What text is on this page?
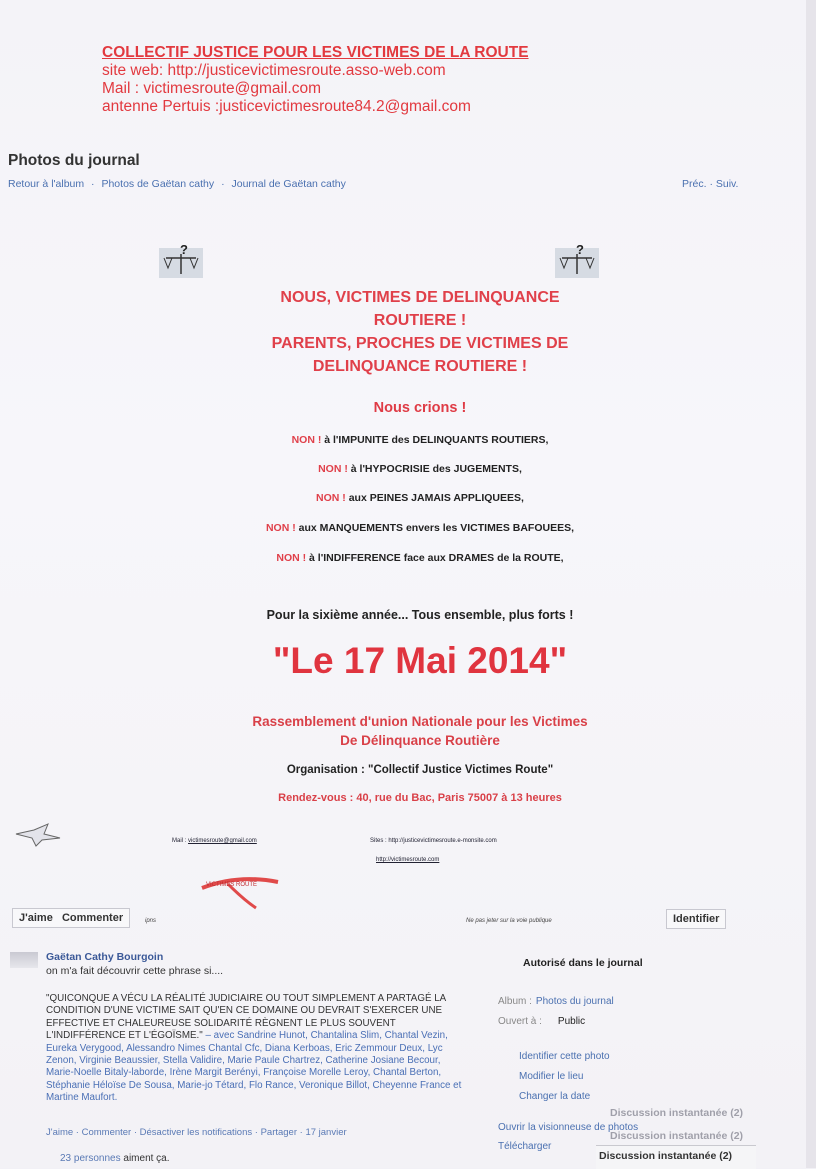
COLLECTIF JUSTICE POUR LES VICTIMES DE LA ROUTE
site web: http://justicevictimesroute.asso-web.com
Mail : victimesroute@gmail.com
antenne Pertuis :justicevictimesroute84.2@gmail.com
Photos du journal
Retour à l'album · Photos de Gaëtan cathy · Journal de Gaëtan cathy	Préc. · Suiv.
?	?
NOUS, VICTIMES DE DELINQUANCE
ROUTIERE !
PARENTS, PROCHES DE VICTIMES DE
DELINQUANCE ROUTIERE !
Nous crions !
NON ! à l'IMPUNITE des DELINQUANTS ROUTIERS,
NON ! à l'HYPOCRISIE des JUGEMENTS,
NON ! aux PEINES JAMAIS APPLIQUEES,
NON ! aux MANQUEMENTS envers les VICTIMES BAFOUEES,
NON ! à l'INDIFFERENCE face aux DRAMES de la ROUTE,
Pour la sixième année... Tous ensemble, plus forts !
"Le 17 Mai 2014"
Rassemblement d'union Nationale pour les Victimes
De Délinquance Routière
Organisation : "Collectif Justice Victimes Route"
Rendez-vous : 40, rue du Bac, Paris 75007 à 13 heures
Mail : victimesroute@gmail.com	Sites : http://justicevictimesroute.e-monsite.com
http://victimesroute.com
VICTIMES ROUTE
J'aime Commenter	ipns	Ne pas jeter sur la voie publique	Identifier
Gaëtan Cathy Bourgoin
on m'a fait découvrir cette phrase si....
"QUICONQUE A VÉCU LA RÉALITÉ JUDICIAIRE OU TOUT SIMPLEMENT A PARTAGÉ LA CONDITION D'UNE VICTIME SAIT QU'EN CE DOMAINE OU DEVRAIT S'EXERCER UNE EFFECTIVE ET CHALEUREUSE SOLIDARITÉ RÈGNENT LE PLUS SOUVENT L'INDIFFÉRENCE ET L'ÉGOÏSME." – avec Sandrine Hunot, Chantalina Slim, Chantal Vezin, Eureka Verygood, Alessandro Nimes Chantal Cfc, Diana Kerboas, Eric Zemmour Deux, Lyc Zenon, Virginie Beaussier, Stella Validire, Marie Paule Chartrez, Catherine Josiane Becour, Marie-Noelle Bitaly-laborde, Irène Margit Berényi, Françoise Morelle Leroy, Chantal Berton, Stéphanie Héloïse De Sousa, Marie-jo Tétard, Flo Rance, Veronique Billot, Cheyenne France et Martine Maufort.
J'aime · Commenter · Désactiver les notifications · Partager · 17 janvier
23 personnes aiment ça.
Autorisé dans le journal
Album : Photos du journal
Ouvert à : Public
Identifier cette photo
Modifier le lieu
Changer la date
Ouvrir la visionneuse de photos
Télécharger
Discussion instantanée (2)
Discussion instantanée (2)
Discussion instantanée (2)
